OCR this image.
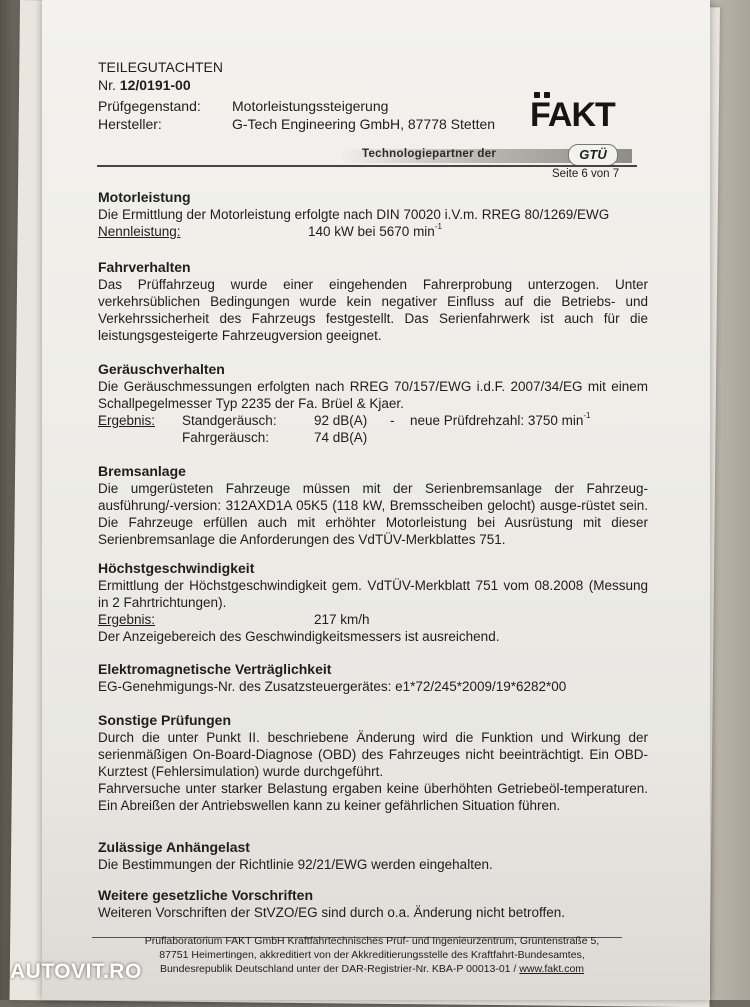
TEILEGUTACHTEN
Nr. 12/0191-00
Prüfgegenstand: Motorleistungssteigerung
Hersteller:	G-Tech Engineering GmbH, 87778 Stetten FAKT
Technologiepartner der	GTÜ
Seite 6 von 7
Motorleistung

Die Ermittlung der Motorleistung erfolgte nach DIN 70020 i.V.m. RREG 80/1269/EWG

Nennleistung:	140 kW bei 5670 $\min^{-1}$
Fahrverhalten

Das Prüffahrzeug wurde einer eingehenden Fahrerprobung unterzogen. Unter verkehrsüblichen Bedingungen wurde kein negativer Einfluss auf die Betriebs- und Verkehrssicherheit des Fahrzeugs festgestellt. Das Serienfahrwerk ist auch für die leistungsgesteigerte Fahrzeugversion geeignet.

Geräuschverhalten

Die Geräuschmessungen erfolgten nach RREG 70/157/EWG i.d.F. 2007/34/EG mit einem Schallpegelmesser Typ 2235 der Fa. Brüel & Kjaer.

Ergebnis: Standgeräusch:	92 dB(A) - neue Prüfdrehzahl: 3750 $\min^{-1}$
Fahrgeräusch:	74 dB(A)
Bremsanlage

Die umgerüsteten Fahrzeuge müssen mit der Serienbremsanlage der Fahrzeug-ausführung/-version: 312AXD1A 05K5 (118 kW, Bremsscheiben gelocht) ausge-rüstet sein. Die Fahrzeuge erfüllen auch mit erhöhter Motorleistung bei Ausrüstung mit dieser Serienbremsanlage die Anforderungen des VdTÜV-Merkblattes 751.

Höchstgeschwindigkeit

Ermittlung der Höchstgeschwindigkeit gem. VdTÜV-Merkblatt 751 vom 08.2008 (Messung in 2 Fahrtrichtungen).

Ergebnis:	217 km/h

Der Anzeigebereich des Geschwindigkeitsmessers ist ausreichend.

Elektromagnetische Verträglichkeit

EG-Genehmigungs-Nr. des Zusatzsteuergerätes: e1*72/245*2009/19*6282*00

Sonstige Prüfungen

Durch die unter Punkt II. beschriebene Änderung wird die Funktion und Wirkung der serienmäßigen On-Board-Diagnose (OBD) des Fahrzeuges nicht beeinträchtigt. Ein OBD-Kurztest (Fehlersimulation) wurde durchgeführt.

Fahrversuche unter starker Belastung ergaben keine überhöhten Getriebeöl-temperaturen. Ein Abreißen der Antriebswellen kann zu keiner gefährlichen Situation führen.

Zulässige Anhängelast

Die Bestimmungen der Richtlinie 92/21/EWG werden eingehalten.

Weitere gesetzliche Vorschriften

Weiteren Vorschriften der StVZO/EG sind durch o.a. Änderung nicht betroffen.

Prüflaboratorium FAKT GmbH Kraftfahrtechnisches Prüf- und Ingenieurzentrum, Grüntenstraße 5,
87751 Heimertingen, akkreditiert von der Akkreditierungsstelle des Kraftfahrt-Bundesamtes,
Bundesrepublik Deutschland unter der DAR-Registrier-Nr. KBA-P 00013-01 / www.fakt.com
AUTOVIT.RO
